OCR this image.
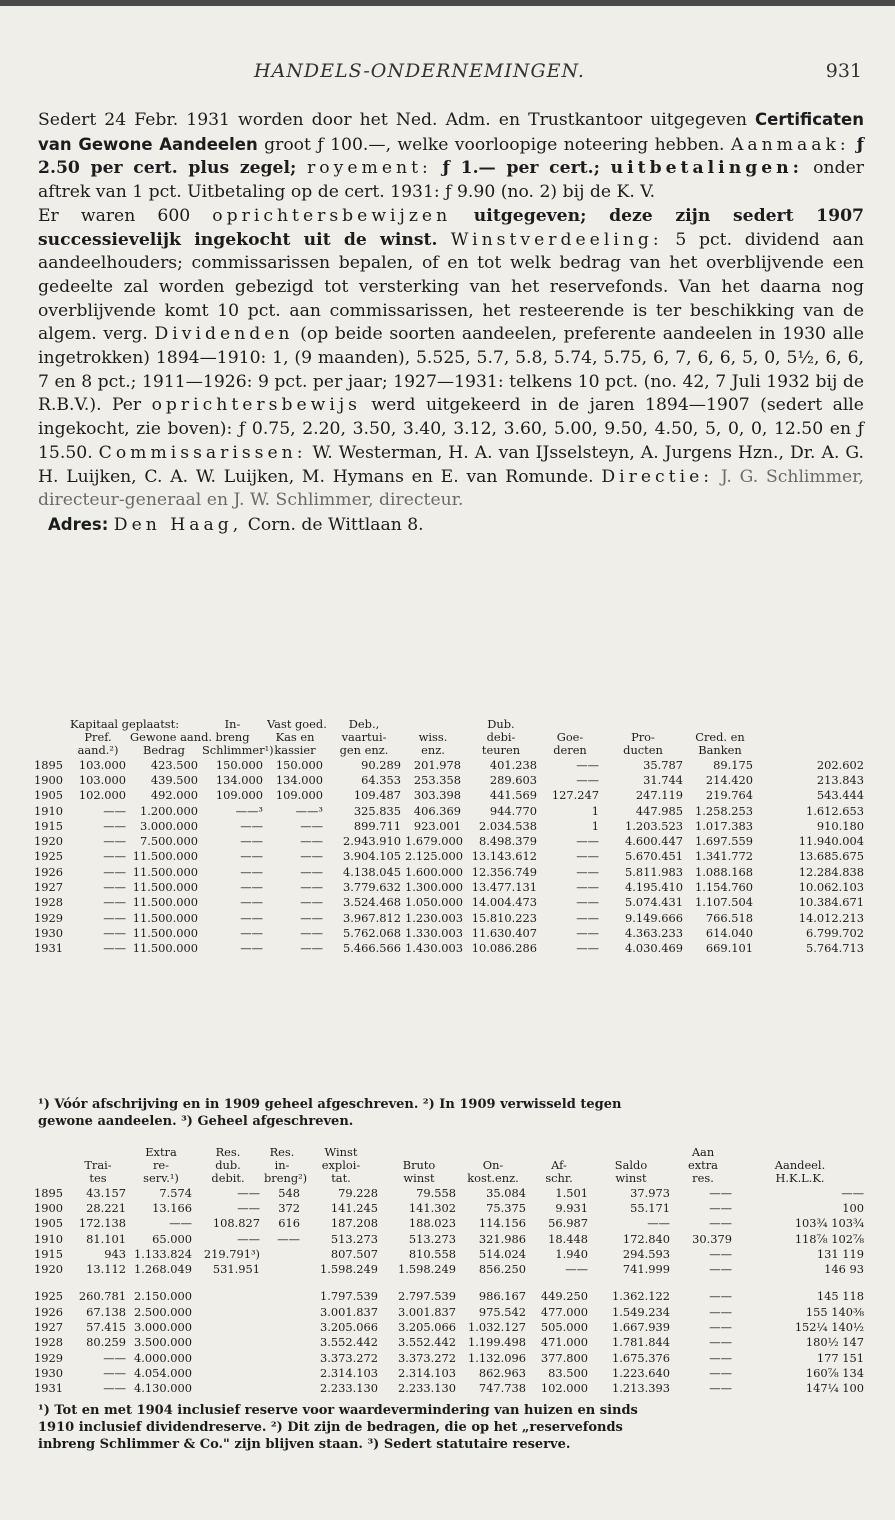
HANDELS-ONDERNEMINGEN.	931

Sedert 24 Febr. 1931 worden door het Ned. Adm. en Trustkantoor uitgegeven Certificaten van Gewone Aandeelen groot ƒ 100.—, welke voorloopige noteering hebben. Aanmaak: ƒ 2.50 per cert. plus zegel; royement: ƒ 1.— per cert.; uitbetalingen: onder aftrek van 1 pct. Uitbetaling op de cert. 1931: ƒ 9.90 (no. 2) bij de K. V.

Er waren 600 oprichtersbewijzen uitgegeven; deze zijn sedert 1907 successievelijk ingekocht uit de winst. Winstverdeeling: 5 pct. dividend aan aandeelhouders; commissarissen bepalen, of en tot welk bedrag van het overblijvende een gedeelte zal worden gebezigd tot versterking van het reservefonds. Van het daarna nog overblijvende komt 10 pct. aan commissarissen, het resteerende is ter beschikking van de algem. verg. Dividenden (op beide soorten aandeelen, preferente aandeelen in 1930 alle ingetrokken) 1894—1910: 1, (9 maanden), 5.525, 5.7, 5.8, 5.74, 5.75, 6, 7, 6, 6, 5, 0, 5½, 6, 6, 7 en 8 pct.; 1911—1926: 9 pct. per jaar; 1927—1931: telkens 10 pct. (no. 42, 7 Juli 1932 bij de R.B.V.). Per oprichtersbewijs werd uitgekeerd in de jaren 1894—1907 (sedert alle ingekocht, zie boven): ƒ 0.75, 2.20, 3.50, 3.40, 3.12, 3.60, 5.00, 9.50, 4.50, 5, 0, 0, 12.50 en ƒ 15.50. Commissarissen: W. Westerman, H. A. van IJsselsteyn, A. Jurgens Hzn., Dr. A. G. H. Luijken, C. A. W. Luijken, M. Hymans en E. van Romunde. Directie: J. G. Schlimmer, directeur-generaal en J. W. Schlimmer, directeur.

Adres: Den Haag, Corn. de Wittlaan 8.

	Kapitaal geplaatst:		In-	Vast goed.	Deb.,		Dub.				
	Pref.	Gewone aand.	breng	Kas en	vaartui-	wiss.	debi-	Goe-	Pro-	Cred. en	
	aand.²)	Bedrag	Schlimmer¹)	kassier	gen enz.	enz.	teuren	deren	ducten	Banken	
1895	103.000	423.500	150.000	150.000	90.289	201.978	401.238	——	35.787	89.175	202.602
1900	103.000	439.500	134.000	134.000	64.353	253.358	289.603	——	31.744	214.420	213.843
1905	102.000	492.000	109.000	109.000	109.487	303.398	441.569	127.247	247.119	219.764	543.444
1910	——	1.200.000	——³	——³	325.835	406.369	944.770	1	447.985	1.258.253	1.612.653
1915	——	3.000.000	——	——	899.711	923.001	2.034.538	1	1.203.523	1.017.383	910.180
1920	——	7.500.000	——	——	2.943.910	1.679.000	8.498.379	——	4.600.447	1.697.559	11.940.004
1925	——	11.500.000	——	——	3.904.105	2.125.000	13.143.612	——	5.670.451	1.341.772	13.685.675
1926	——	11.500.000	——	——	4.138.045	1.600.000	12.356.749	——	5.811.983	1.088.168	12.284.838
1927	——	11.500.000	——	——	3.779.632	1.300.000	13.477.131	——	4.195.410	1.154.760	10.062.103
1928	——	11.500.000	——	——	3.524.468	1.050.000	14.004.473	——	5.074.431	1.107.504	10.384.671
1929	——	11.500.000	——	——	3.967.812	1.230.003	15.810.223	——	9.149.666	766.518	14.012.213
1930	——	11.500.000	——	——	5.762.068	1.330.003	11.630.407	——	4.363.233	614.040	6.799.702
1931	——	11.500.000	——	——	5.466.566	1.430.003	10.086.286	——	4.030.469	669.101	5.764.713
¹) Vóór afschrijving en in 1909 geheel afgeschreven. ²) In 1909 verwisseld tegen
gewone aandeelen. ³) Geheel afgeschreven.
		Extra	Res.	Res.	Winst					Aan	
	Trai-	re-	dub.	in-	exploi-	Bruto	On-	Af-	Saldo	extra	Aandeel.
	tes	serv.¹)	debit.	breng²)	tat.	winst	kost.enz.	schr.	winst	res.	H.K.L.K.
1895	43.157	7.574	——	548	79.228	79.558	35.084	1.501	37.973	——	——
1900	28.221	13.166	——	372	141.245	141.302	75.375	9.931	55.171	——	100
1905	172.138	——	108.827	616	187.208	188.023	114.156	56.987	——	——	103¾ 103¾
1910	81.101	65.000	——	——	513.273	513.273	321.986	18.448	172.840	30.379	118⅞ 102⅞
1915	943	1.133.824	219.791³)		807.507	810.558	514.024	1.940	294.593	——	131 119
1920	13.112	1.268.049	531.951		1.598.249	1.598.249	856.250	——	741.999	——	146 93

1925	260.781	2.150.000			1.797.539	2.797.539	986.167	449.250	1.362.122	——	145 118
1926	67.138	2.500.000			3.001.837	3.001.837	975.542	477.000	1.549.234	——	155 140⅜
1927	57.415	3.000.000			3.205.066	3.205.066	1.032.127	505.000	1.667.939	——	152¼ 140½
1928	80.259	3.500.000			3.552.442	3.552.442	1.199.498	471.000	1.781.844	——	180½ 147
1929	——	4.000.000			3.373.272	3.373.272	1.132.096	377.800	1.675.376	——	177 151
1930	——	4.054.000			2.314.103	2.314.103	862.963	83.500	1.223.640	——	160⅞ 134
1931	——	4.130.000			2.233.130	2.233.130	747.738	102.000	1.213.393	——	147¼ 100
¹) Tot en met 1904 inclusief reserve voor waardevermindering van huizen en sinds
1910 inclusief dividendreserve. ²) Dit zijn de bedragen, die op het „reservefonds
inbreng Schlimmer & Co." zijn blijven staan. ³) Sedert statutaire reserve.
